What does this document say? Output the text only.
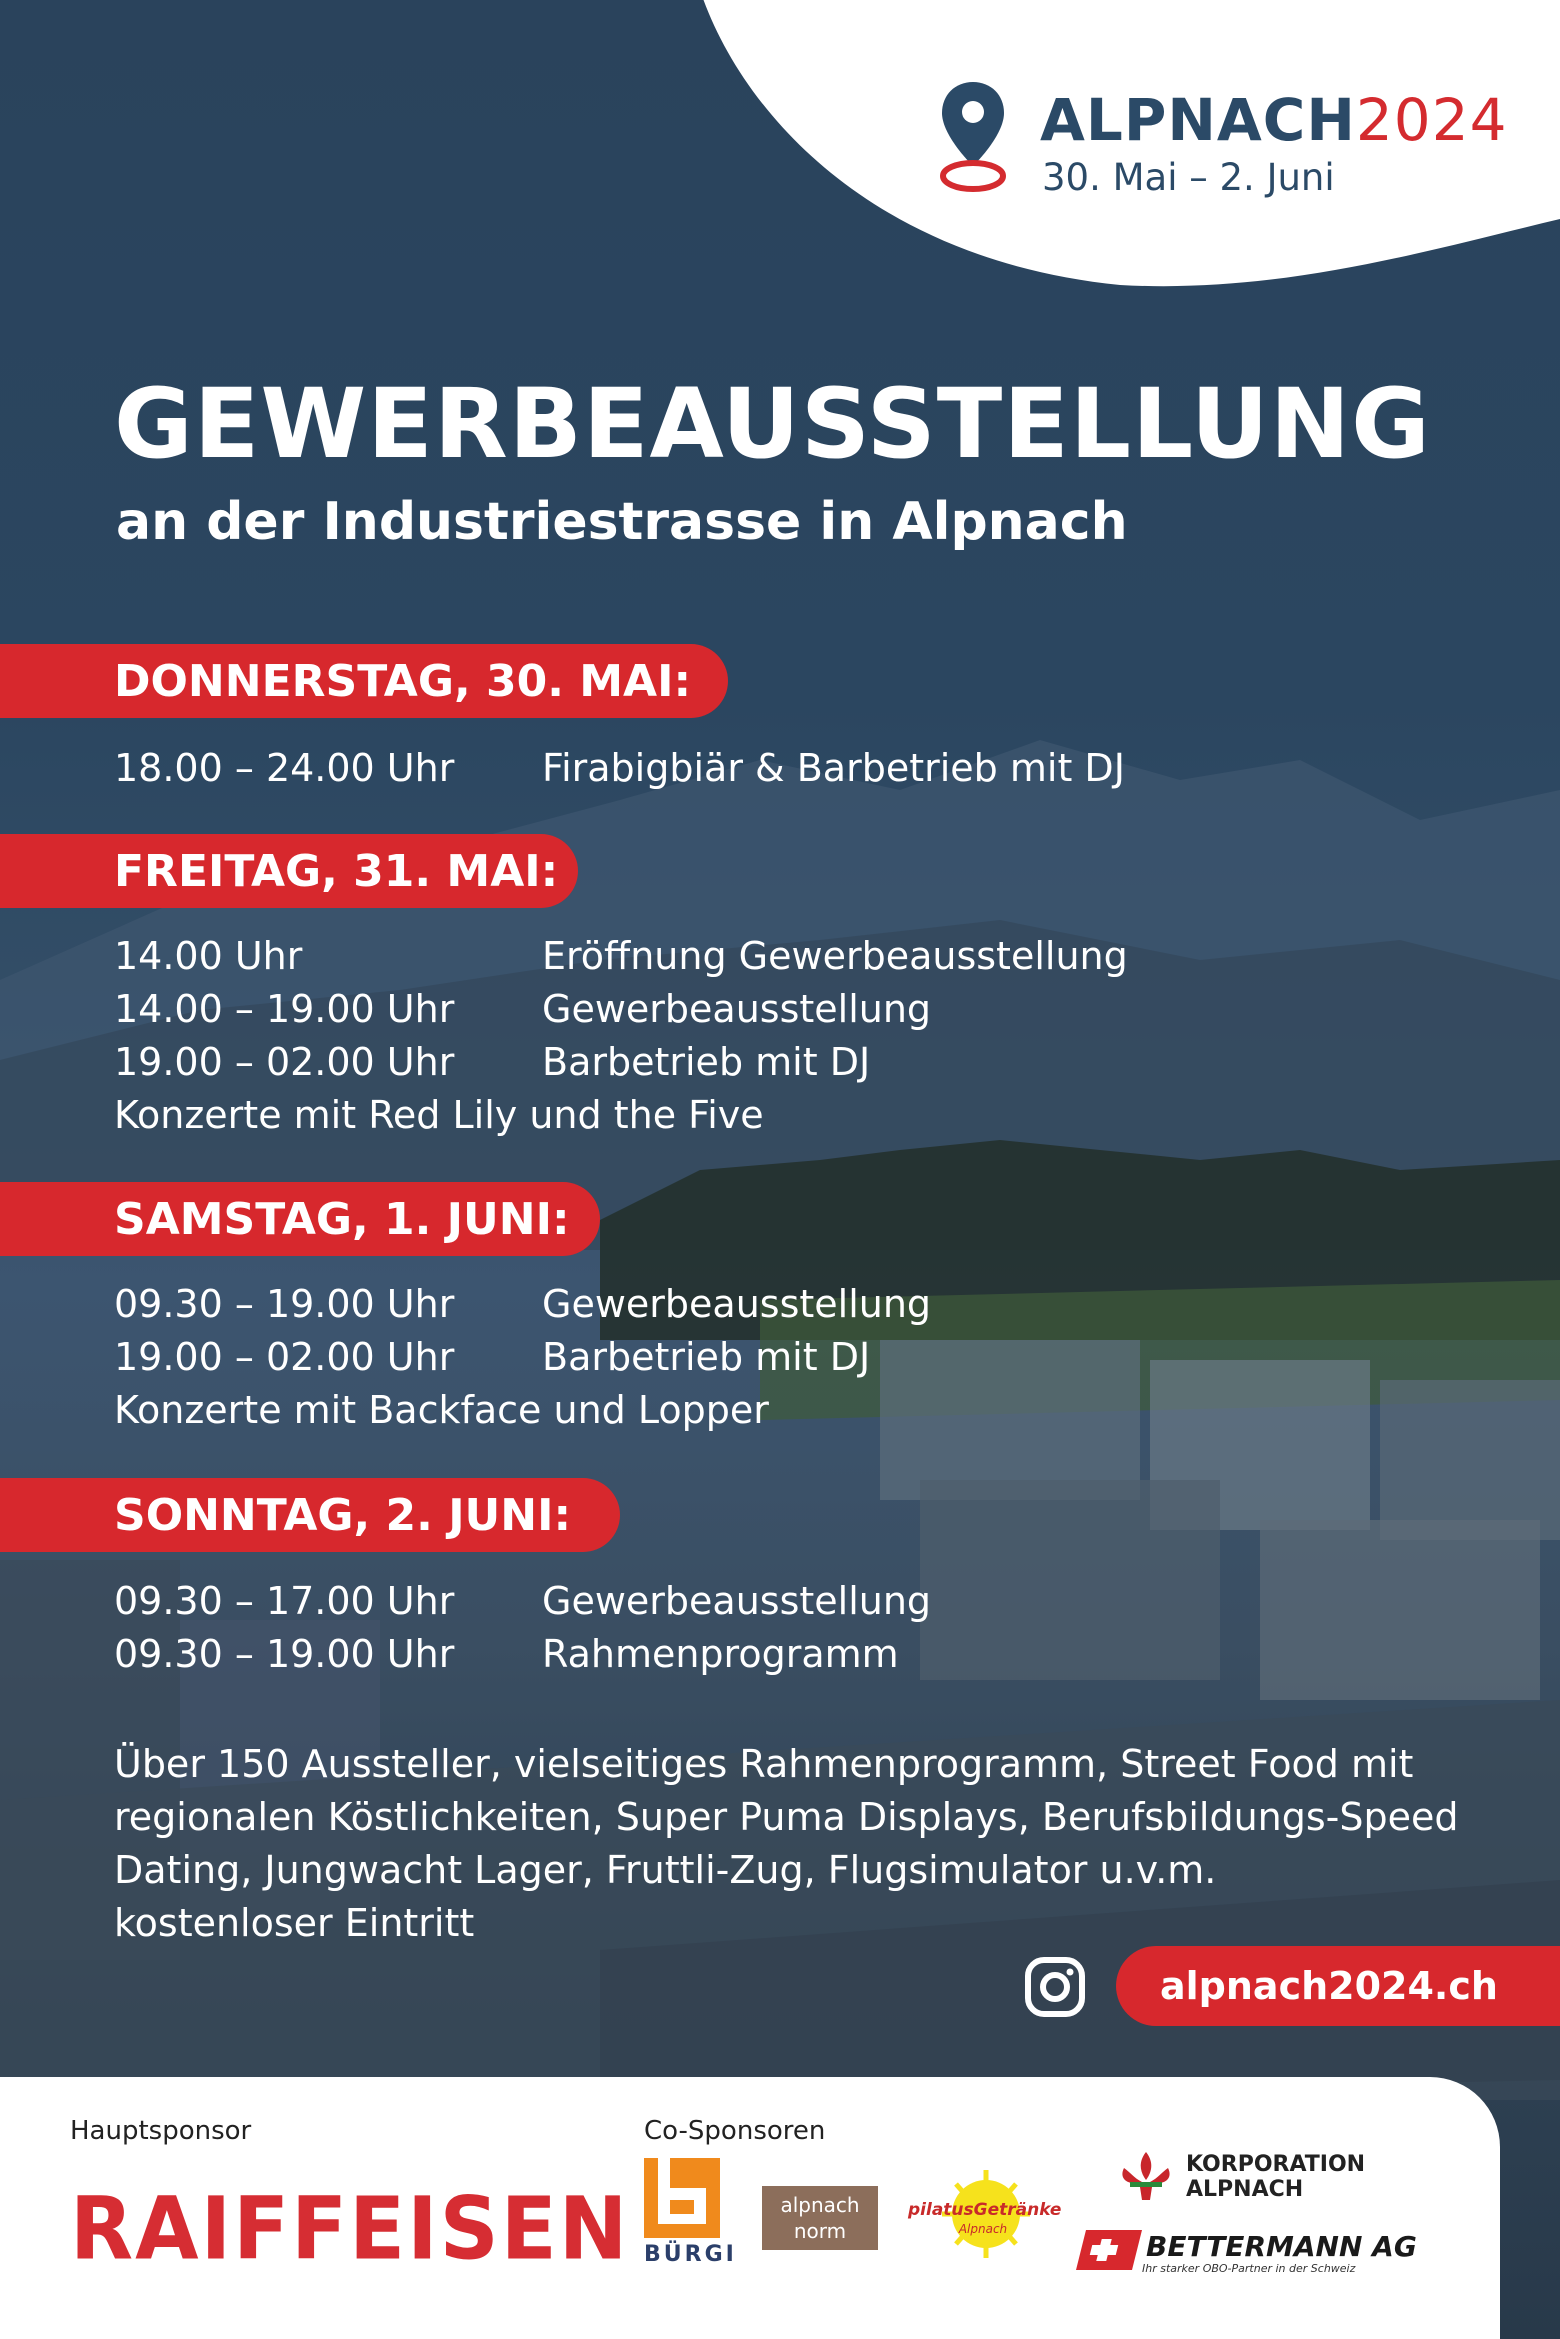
ALPNACH2024
30. Mai – 2. Juni
GEWERBEAUSSTELLUNG
an der Industriestrasse in Alpnach
DONNERSTAG, 30. MAI:
18.00 – 24.00 Uhr Firabigbiär & Barbetrieb mit DJ
FREITAG, 31. MAI:
14.00 Uhr	Eröffnung Gewerbeausstellung
14.00 – 19.00 Uhr Gewerbeausstellung
19.00 – 02.00 Uhr Barbetrieb mit DJ
Konzerte mit Red Lily und the Five
SAMSTAG, 1. JUNI:
09.30 – 19.00 Uhr Gewerbeausstellung
19.00 – 02.00 Uhr Barbetrieb mit DJ
Konzerte mit Backface und Lopper
SONNTAG, 2. JUNI:
09.30 – 17.00 Uhr Gewerbeausstellung
09.30 – 19.00 Uhr Rahmenprogramm
Über 150 Aussteller, vielseitiges Rahmenprogramm, Street Food mit
regionalen Köstlichkeiten, Super Puma Displays, Berufsbildungs-Speed
Dating, Jungwacht Lager, Fruttli-Zug, Flugsimulator u.v.m.
kostenloser Eintritt
alpnach2024.ch
Hauptsponsor	Co-Sponsoren
RAIFFEISEN BÜRGI
alpnach
norm
pilatusGetränke
Alpnach
KORPORATION
ALPNACH
BETTERMANN AG
Ihr starker OBO-Partner in der Schweiz
